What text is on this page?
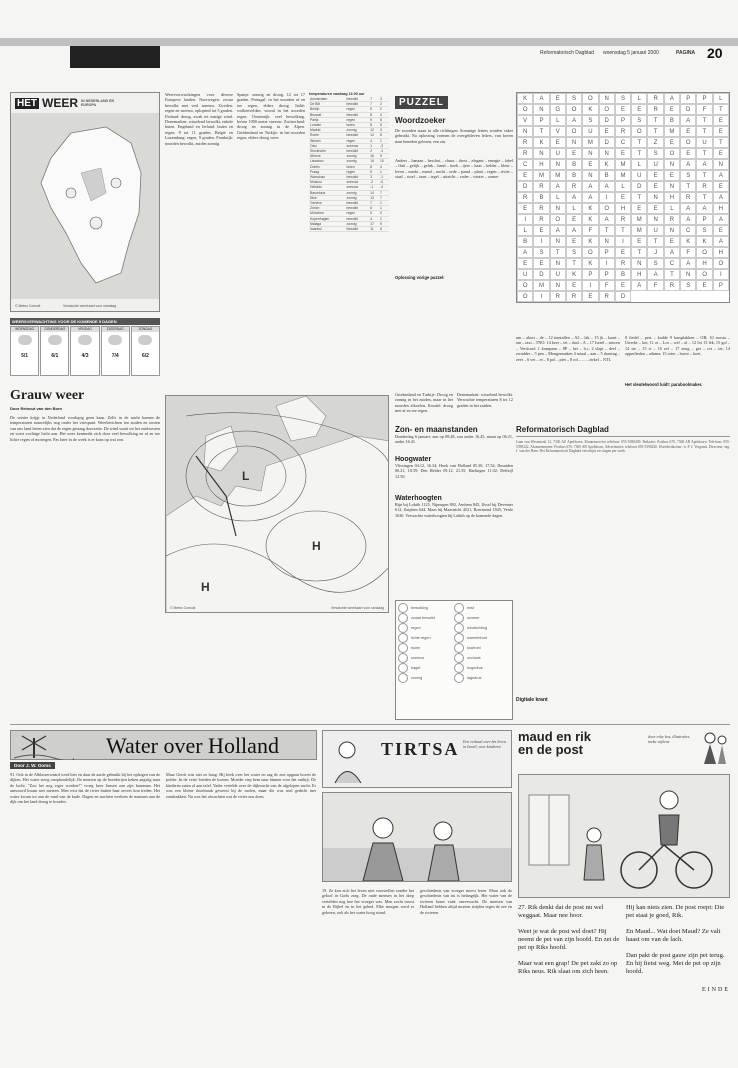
Varia	Reformatorisch Dagblad woensdag 5 januari 2000	PAGINA 20
HET WEER IN NEDERLAND EN EUROPA
© Meteo Consult	Verwachte weerkaart voor vandaag
WEERSVERWACHTING VOOR DE KOMENDE 5 DAGEN
WOENSDAG
5/1
DONDERDAG
6/1
VRIJDAG
4/3
ZATERDAG
7/4
ZONDAG
6/2
Grauw weer
Door Reinout van den Born
De winter krijgt in Nederland voorlopig geen kans. Zelfs in de nacht komen de temperaturen nauwelijks nog onder het vriespunt. Weerberichten ten zuiden en oosten van ons land lieten zien dat de regen gestaag doorzette. De wind waait uit het zuidwesten en voert vochtige lucht aan. Het weer kenmerkt zich door veel bewolking en af en toe lichte regen of motregen. Pas later in de week is er kans op wat zon.
Weersverwachtingen voor diverse Europese landen. Noorwegen: zwaar bewolkt met veel sneeuw. Zweden: regen en sneeuw, oplopend tot 5 graden. Finland: droog, zwak tot matige wind. Denemarken: wisselend bewolkt, enkele buien. Engeland en Ierland: buien en regen, 8 tot 11 graden. België en Luxemburg: regen, 9 graden. Frankrijk: noorden bewolkt, zuiden zonnig.
Spanje: zonnig en droog, 12 tot 17 graden. Portugal: in het noorden af en toe regen, elders droog. Italië: wolkenvelden, vooral in het noorden regen. Oostenrijk: veel bewolking, boven 1000 meter sneeuw. Zwitserland: droog en zonnig in de Alpen. Griekenland en Turkije: in het noorden regen, elders droog weer.
temperaturen vandaag 13:00 uur
Amsterdam	bewolkt	7	3
De Bilt	bewolkt	7	2
Berlijn	regen	5	2
Brussel	bewolkt	8	4
Parijs	regen	9	5
Londen	buien	8	5
Madrid	zonnig	12	3
Rome	bewolkt	14	8
Wenen	regen	4	1
Oslo	sneeuw	1	-3
Stockholm	bewolkt	2	-1
Athene	zonnig	16	9
Lissabon	zonnig	15	10
Dublin	buien	8	4
Praag	regen	5	1
Warschau	bewolkt	3	-1
Moskou	sneeuw	-2	-6
Helsinki	sneeuw	-1	-4
Barcelona	zonnig	14	7
Nice	zonnig	13	7
Genève	bewolkt	7	1
Zürich	bewolkt	6	1
München	regen	5	0
Kopenhagen	bewolkt	4	1
Malaga	zonnig	17	9
Istanbul	bewolkt	11	6
L
H
H
© Meteo Consult	Verwachte weerkaart voor vandaag
Zon- en maanstanden
Donderdag 6 januari: zon op 08.48, zon onder 16.45, maan op 06.21, onder 16.41.
Hoogwater
Vlissingen 04.12, 16.34; Hoek van Holland 05.30, 17.52; IJmuiden 06.21, 18.39; Den Helder 09.12, 21.35; Harlingen 11.02; Delfzijl 12.50.
Waterhoogten
Rijn bij Lobith 1125, Nijmegen 892, Arnhem 845, IJssel bij Deventer 612, Zutphen 644. Maas bij Maastricht 4521, Roermond 1845, Venlo 1630. Verwachte waterhoogten bij Lobith op de komende dagen.
bewolking	mist
zwaar bewolkt	onweer
regen	windrichting
lichte regen	warmtefront
buien	koufront
sneeuw	occlusie
hagel	hogedruk
zonnig	lagedruk
PUZZEL
Woordzoeker
De woorden staan in alle richtingen. Sommige letters worden vaker gebruikt. Na oplossing vormen de overgebleven letters, van boven naar beneden gelezen, een zin.
Anders – banaan – beschut – chaos – drost – elegant – energie – fabel – fluit – gelijk – geluk – hand – hoek – ijzer – kaas – kelder – kleur – leven – markt – mand – nacht – orde – paard – plant – regen – rivier – staal – stoel – taart – tegel – uitzicht – vader – winter – zomer
Oplossing vorige puzzel:
K	A	E	S	O	N	S	L	R	A	P	P	L
O	N	G	O	K	O	E	E	R	E	D	F	T
V	P	L	A	S	D	P	S	T	B	A	T	E
N	T	V	O	U	E	R	O	T	M	E	T	E
R	K	E	N	M	D	C	T	Z	E	O	U	T
R	N	U	E	N	N	E	T	S	O	E	T	E
C	H	N	B	E	K	M	L	U	N	A	A	N
E	M	M	B	N	B	M	U	E	E	S	T	A
D	R	A	R	A	A	L	D	E	N	T	R	E
R	B	L	A	A	I	E	T	N	H	R	T	A
E	R	N	L	K	O	H	E	E	L	A	A	H
I	R	O	E	K	A	R	M	N	R	A	P	A
L	E	A	A	F	T	T	M	U	N	C	S	E
B	I	N	E	K	N	I	E	T	E	K	K	A
A	S	T	S	O	P	E	T	J	A	F	O	H
E	E	N	T	K	I	R	N	S	C	A	H	O
U	D	U	K	P	P	B	H	A	T	N	O	I
O	M	N	E	I	F	E	A	F	R	S	E	P
O	I	R	R	E	R	D
um – abort – de – 12 tientallen – A2 – lak – 15 jk – kaart – tan – taxi – TNO: 14 keer – tet – daal – A – 17 Israël – tarwen – Verticaal: 1 kompaan – 8P – het – h.c. 2 slapt – deel – zwadder – 5 pen – Mongermaken 4 totaal – aan – 5 dansing – zeer – 6 vet – ei – 8 pol – piet – 8 rol – ... – zirkel – NTL
8 fiedel – pest – kudde 9 barsplakken – OB; 10 roosta – Utrecht – kot; 11 ot – Los – wel – ol – 12 Ioi 13 lek, 15 gol – 14 ste – 15 tr – 16 zel – 17 zeug – get – rot – tet; 14 opperlieden – aduma; 15 roter – brave – koet.
Het sleutelwoord luidt: paraboolmaker.
Griekenland en Turkije: Droog en zonnig in het zuiden, maar in het noorden afkoelen. Kroatië: droog met af en toe regen.
Denemarken: wisselend bewolkt. Verwachte temperaturen 8 tot 12 graden in het zuiden.
Reformatorisch Dagblad
Laan van Westenenk 12, 7336 AZ Apeldoorn. Klantenservice telefoon: 055-5390200. Redactie: Postbus 670, 7300 AR Apeldoorn. Telefoon: 055-5390222. Abonnementen: Postbus 670, 7300 AR Apeldoorn. Advertenties: telefoon 055-5390220. Hoofdredacteur: ir. P. J. Vergunst. Directeur: ing. J. van der Ham. Het Reformatorisch Dagblad verschijnt zes dagen per week.
Digitale krant
Water over Holland
Door J. W. Ooms
91. Ook in de Alblasserwaard werd hier en daar de aarde gebruikt bij het ophogen van de dijken. Het water steeg onophoudelijk. De mensen op de boerderijen keken angstig naar de lucht. "Zou het nog erger worden?" vroeg boer Jansen aan zijn buurman. Het antwoord kwam niet meteen. Men wist dat de rivier buiten haar oevers kon treden. Het water kwam tot aan de rand van de kade. Dagen en nachten werkten de mannen aan de dijk om het land droog te houden.
Maar Gerrit was niet zo bang. Hij keek over het water en zag de zon opgaan boven de polder. In de verte loeiden de koeien. Moeder riep hem naar binnen voor het ontbijt. De kinderen zaten al aan tafel. Vader vertelde over de dijkwacht van de afgelopen nacht. Er was een kleine doorbraak geweest bij de molen, maar die was snel gedicht met zandzakken. Nu was het afwachten wat de rivier zou doen.
TIRTSA Een verhaal over het leven in Israël, voor kinderen
19. Ze kon zich het leven niet voorstellen zonder het geloof in Gods zorg. De oude mensen in het dorp vertelden nog hoe het vroeger was. Men zocht troost in de Bijbel en in het gebed. Elke morgen werd er gelezen, ook als het water hoog stond.
geschiedenis van vroeger moest leren. Maar ook de geschiedenis van nu is belangrijk. Het water van de rivieren komt vaak onverwacht. De mensen van Holland hebben altijd moeten strijden tegen de zee en de rivieren.
maud en rik
en de post
door roby bos, illustraties ineke wijkens
27. Rik denkt dat de post nu wel weggaat. Maar nee hoor.
Weet je wat de post wel doet? Hij neemt de pet van zijn hoofd. En zet de pet op Riks hoofd.
Maar wat een grap! De pet zakt zo op Riks neus. Rik slaat om zich heen.
Hij kan niets zien. De post roept: Die pet staat je goed, Rik.
En Maud... Wat doet Maud? Ze valt haast om van de lach.
Dan pakt de post gauw zijn pet terug. En hij fietst weg. Met de pet op zijn hoofd.
EINDE
